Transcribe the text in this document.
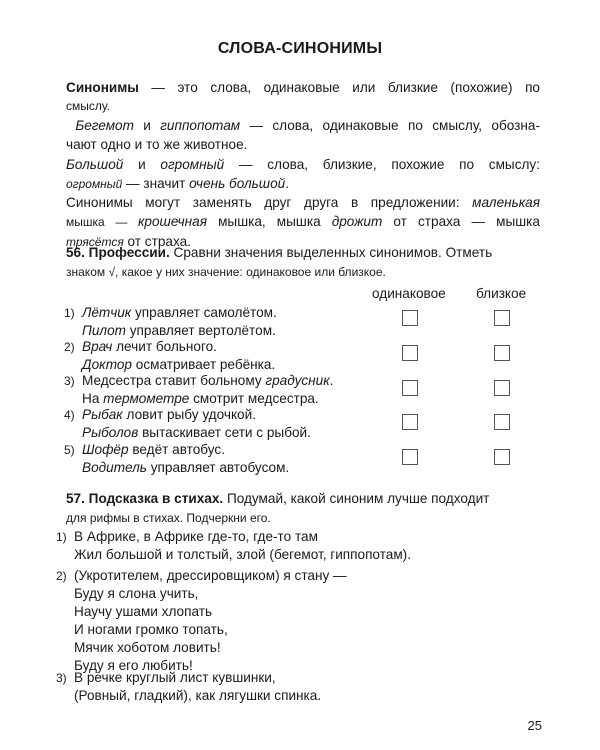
СЛОВА-СИНОНИМЫ
Синонимы — это слова, одинаковые или близкие (похожие) по
смыслу.
Бегемот и гиппопотам — слова, одинаковые по смыслу, обозна-
чают одно и то же животное.
Большой и огромный — слова, близкие, похожие по смыслу:
огромный — значит очень большой.
Синонимы могут заменять друг друга в предложении: маленькая
мышка — крошечная мышка, мышка дрожит от страха — мышка
трясётся от страха.
56. Профессии. Сравни значения выделенных синонимов. Отметь
знаком √, какое у них значение: одинаковое или близкое.
одинаковое близкое
1) Лётчик управляет самолётом.
Пилот управляет вертолётом.
2) Врач лечит больного.
Доктор осматривает ребёнка.
3) Медсестра ставит больному градусник.
На термометре смотрит медсестра.
4) Рыбак ловит рыбу удочкой.
Рыболов вытаскивает сети с рыбой.
5) Шофёр ведёт автобус.
Водитель управляет автобусом.
57. Подсказка в стихах. Подумай, какой синоним лучше подходит
для рифмы в стихах. Подчеркни его.
1) В Африке, в Африке где-то, где-то там
Жил большой и толстый, злой (бегемот, гиппопотам).
2) (Укротителем, дрессировщиком) я стану —
Буду я слона учить,
Научу ушами хлопать
И ногами громко топать,
Мячик хоботом ловить!
Буду я его любить!
3) В речке круглый лист кувшинки,
(Ровный, гладкий), как лягушки спинка.
25
